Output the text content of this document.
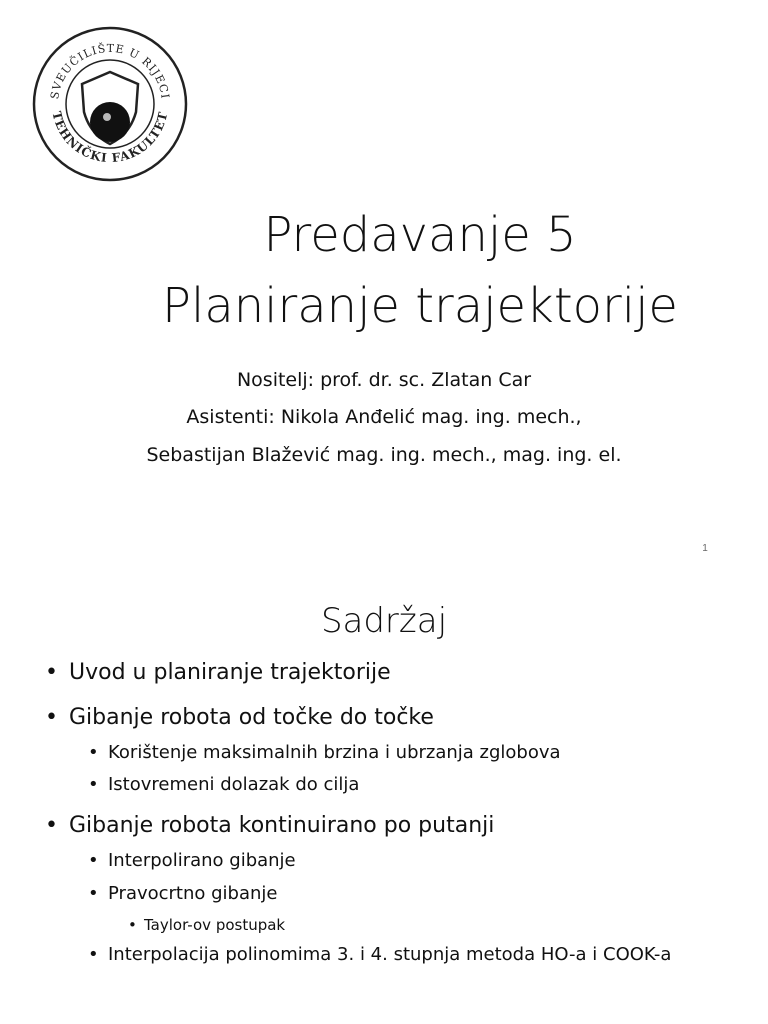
SVEUČILIŠTE U RIJECI
TEHNIČKI FAKULTET
Predavanje 5
Planiranje trajektorije
Nositelj: prof. dr. sc. Zlatan Car
Asistenti: Nikola Anđelić mag. ing. mech.,
Sebastijan Blažević mag. ing. mech., mag. ing. el.
1
Sadržaj
• Uvod u planiranje trajektorije
• Gibanje robota od točke do točke
• Korištenje maksimalnih brzina i ubrzanja zglobova
• Istovremeni dolazak do cilja
• Gibanje robota kontinuirano po putanji
• Interpolirano gibanje
• Pravocrtno gibanje
• Taylor-ov postupak
• Interpolacija polinomima 3. i 4. stupnja metoda HO-a i COOK-a
